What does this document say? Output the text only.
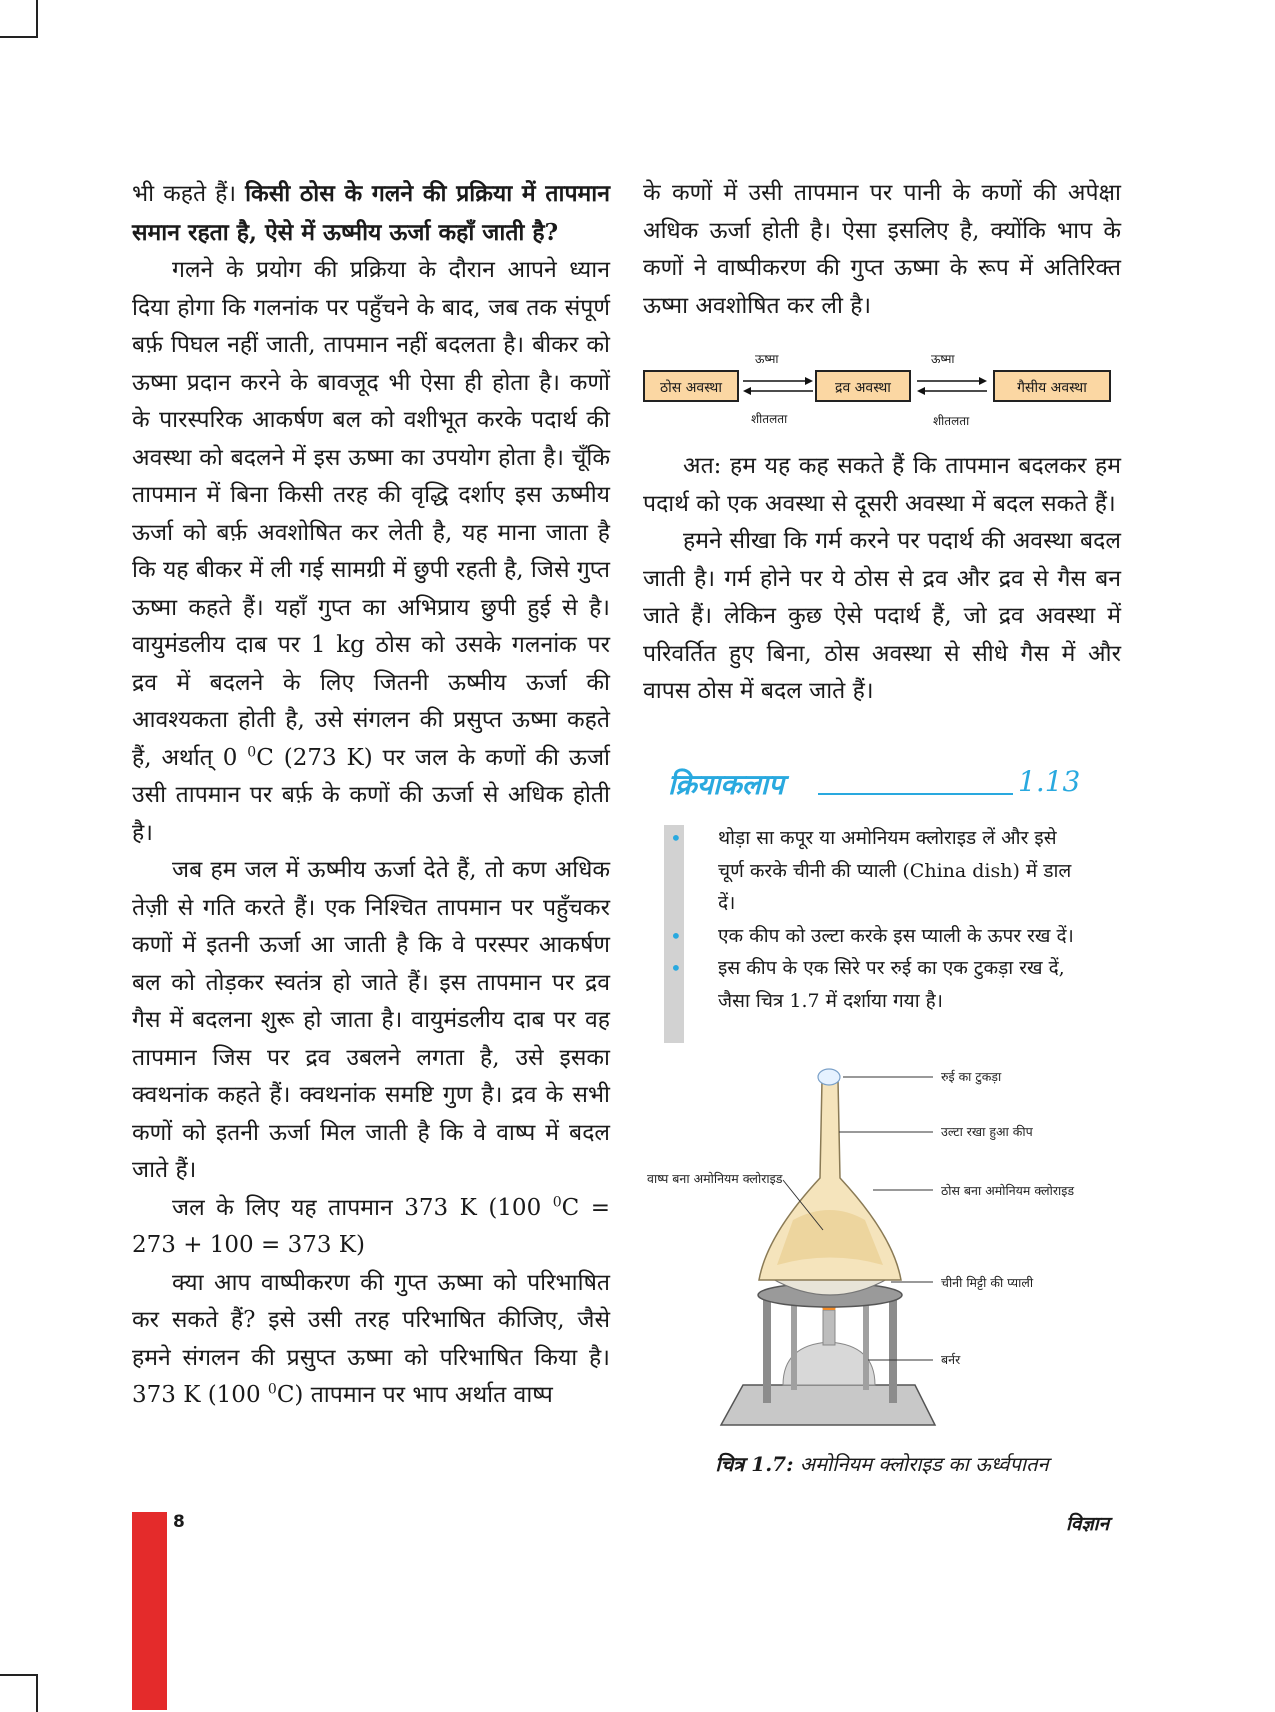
भी कहते हैं। किसी ठोस के गलने की प्रक्रिया में तापमान समान रहता है, ऐसे में ऊष्मीय ऊर्जा कहाँ जाती है?

गलने के प्रयोग की प्रक्रिया के दौरान आपने ध्यान दिया होगा कि गलनांक पर पहुँचने के बाद, जब तक संपूर्ण बर्फ़ पिघल नहीं जाती, तापमान नहीं बदलता है। बीकर को ऊष्मा प्रदान करने के बावजूद भी ऐसा ही होता है। कणों के पारस्परिक आकर्षण बल को वशीभूत करके पदार्थ की अवस्था को बदलने में इस ऊष्मा का उपयोग होता है। चूँकि तापमान में बिना किसी तरह की वृद्धि दर्शाए इस ऊष्मीय ऊर्जा को बर्फ़ अवशोषित कर लेती है, यह माना जाता है कि यह बीकर में ली गई सामग्री में छुपी रहती है, जिसे गुप्त ऊष्मा कहते हैं। यहाँ गुप्त का अभिप्राय छुपी हुई से है। वायुमंडलीय दाब पर 1 kg ठोस को उसके गलनांक पर द्रव में बदलने के लिए जितनी ऊष्मीय ऊर्जा की आवश्यकता होती है, उसे संगलन की प्रसुप्त ऊष्मा कहते हैं, अर्थात् 0 $^0$C (273 K) पर जल के कणों की ऊर्जा उसी तापमान पर बर्फ़ के कणों की ऊर्जा से अधिक होती है।

जब हम जल में ऊष्मीय ऊर्जा देते हैं, तो कण अधिक तेज़ी से गति करते हैं। एक निश्चित तापमान पर पहुँचकर कणों में इतनी ऊर्जा आ जाती है कि वे परस्पर आकर्षण बल को तोड़कर स्वतंत्र हो जाते हैं। इस तापमान पर द्रव गैस में बदलना शुरू हो जाता है। वायुमंडलीय दाब पर वह तापमान जिस पर द्रव उबलने लगता है, उसे इसका क्वथनांक कहते हैं। क्वथनांक समष्टि गुण है। द्रव के सभी कणों को इतनी ऊर्जा मिल जाती है कि वे वाष्प में बदल जाते हैं।

जल के लिए यह तापमान 373 K (100 $^0$C = 273 + 100 = 373 K)

क्या आप वाष्पीकरण की गुप्त ऊष्मा को परिभाषित कर सकते हैं? इसे उसी तरह परिभाषित कीजिए, जैसे हमने संगलन की प्रसुप्त ऊष्मा को परिभाषित किया है। 373 K (100 $^0$C) तापमान पर भाप अर्थात वाष्प

के कणों में उसी तापमान पर पानी के कणों की अपेक्षा अधिक ऊर्जा होती है। ऐसा इसलिए है, क्योंकि भाप के कणों ने वाष्पीकरण की गुप्त ऊष्मा के रूप में अतिरिक्त ऊष्मा अवशोषित कर ली है।

ठोस अवस्था	द्रव अवस्था	गैसीय अवस्था
ऊष्मा	ऊष्मा
शीतलता	शीतलता

अत: हम यह कह सकते हैं कि तापमान बदलकर हम पदार्थ को एक अवस्था से दूसरी अवस्था में बदल सकते हैं।

हमने सीखा कि गर्म करने पर पदार्थ की अवस्था बदल जाती है। गर्म होने पर ये ठोस से द्रव और द्रव से गैस बन जाते हैं। लेकिन कुछ ऐसे पदार्थ हैं, जो द्रव अवस्था में परिवर्तित हुए बिना, ठोस अवस्था से सीधे गैस में और वापस ठोस में बदल जाते हैं।

क्रियाकलाप	1.13
• थोड़ा सा कपूर या अमोनियम क्लोराइड लें और इसे चूर्ण करके चीनी की प्याली (China dish) में डाल दें।
• एक कीप को उल्टा करके इस प्याली के ऊपर रख दें।
• इस कीप के एक सिरे पर रुई का एक टुकड़ा रख दें, जैसा चित्र 1.7 में दर्शाया गया है।
रुई का टुकड़ा
उल्टा रखा हुआ कीप
वाष्प बना अमोनियम क्लोराइड
ठोस बना अमोनियम क्लोराइड
चीनी मिट्टी की प्याली
बर्नर
चित्र 1.7: अमोनियम क्लोराइड का ऊर्ध्वपातन
8	विज्ञान
